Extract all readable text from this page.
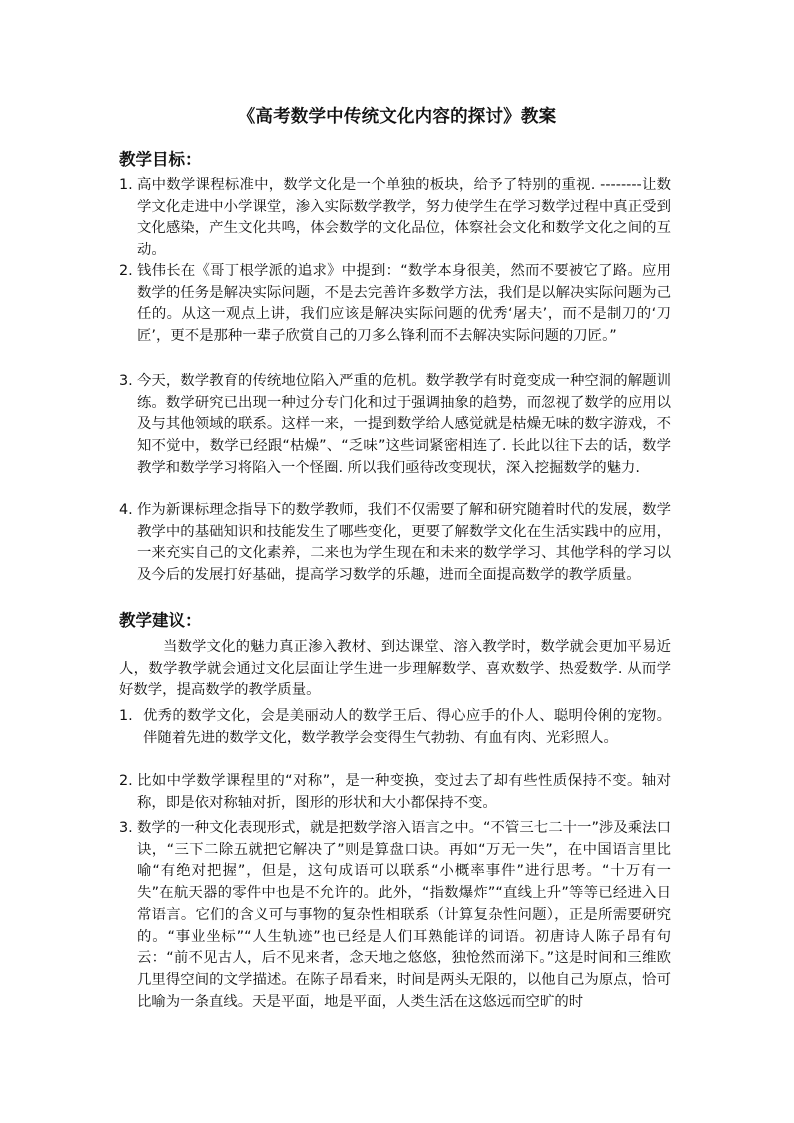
《高考数学中传统文化内容的探讨》教案
教学目标：
1. 高中数学课程标准中，数学文化是一个单独的板块，给予了特别的重视. --------让数学文化走进中小学课堂，渗入实际数学教学，努力使学生在学习数学过程中真正受到文化感染，产生文化共鸣，体会数学的文化品位，体察社会文化和数学文化之间的互动。
2. 钱伟长在《哥丁根学派的追求》中提到：“数学本身很美，然而不要被它了路。应用数学的任务是解决实际问题，不是去完善许多数学方法，我们是以解决实际问题为己任的。从这一观点上讲，我们应该是解决实际问题的优秀‘屠夫’，而不是制刀的‘刀匠’，更不是那种一辈子欣赏自己的刀多么锋利而不去解决实际问题的刀匠。”
3. 今天，数学教育的传统地位陷入严重的危机。数学教学有时竟变成一种空洞的解题训练。数学研究已出现一种过分专门化和过于强调抽象的趋势，而忽视了数学的应用以及与其他领域的联系。这样一来，一提到数学给人感觉就是枯燥无味的数字游戏，不知不觉中，数学已经跟“枯燥”、“乏味”这些词紧密相连了. 长此以往下去的话，数学教学和数学学习将陷入一个怪圈. 所以我们亟待改变现状，深入挖掘数学的魅力.
4. 作为新课标理念指导下的数学教师，我们不仅需要了解和研究随着时代的发展，数学教学中的基础知识和技能发生了哪些变化，更要了解数学文化在生活实践中的应用，一来充实自己的文化素养，二来也为学生现在和未来的数学学习、其他学科的学习以及今后的发展打好基础，提高学习数学的乐趣，进而全面提高数学的教学质量。
教学建议：
当数学文化的魅力真正渗入教材、到达课堂、溶入教学时，数学就会更加平易近人，数学教学就会通过文化层面让学生进一步理解数学、喜欢数学、热爱数学. 从而学好数学，提高数学的教学质量。
1. 优秀的数学文化，会是美丽动人的数学王后、得心应手的仆人、聪明伶俐的宠物。伴随着先进的数学文化，数学教学会变得生气勃勃、有血有肉、光彩照人。
2. 比如中学数学课程里的“对称”，是一种变换，变过去了却有些性质保持不变。轴对称，即是依对称轴对折，图形的形状和大小都保持不变。
3. 数学的一种文化表现形式，就是把数学溶入语言之中。“不管三七二十一”涉及乘法口诀，“三下二除五就把它解决了”则是算盘口诀。再如“万无一失”，在中国语言里比喻“有绝对把握”，但是，这句成语可以联系“小概率事件”进行思考。“十万有一失”在航天器的零件中也是不允许的。此外，“指数爆炸”“直线上升”等等已经进入日常语言。它们的含义可与事物的复杂性相联系（计算复杂性问题），正是所需要研究的。“事业坐标”“人生轨迹”也已经是人们耳熟能详的词语。初唐诗人陈子昂有句云：“前不见古人，后不见来者，念天地之悠悠，独怆然而涕下。”这是时间和三维欧几里得空间的文学描述。在陈子昂看来，时间是两头无限的，以他自己为原点，恰可比喻为一条直线。天是平面，地是平面，人类生活在这悠远而空旷的时
